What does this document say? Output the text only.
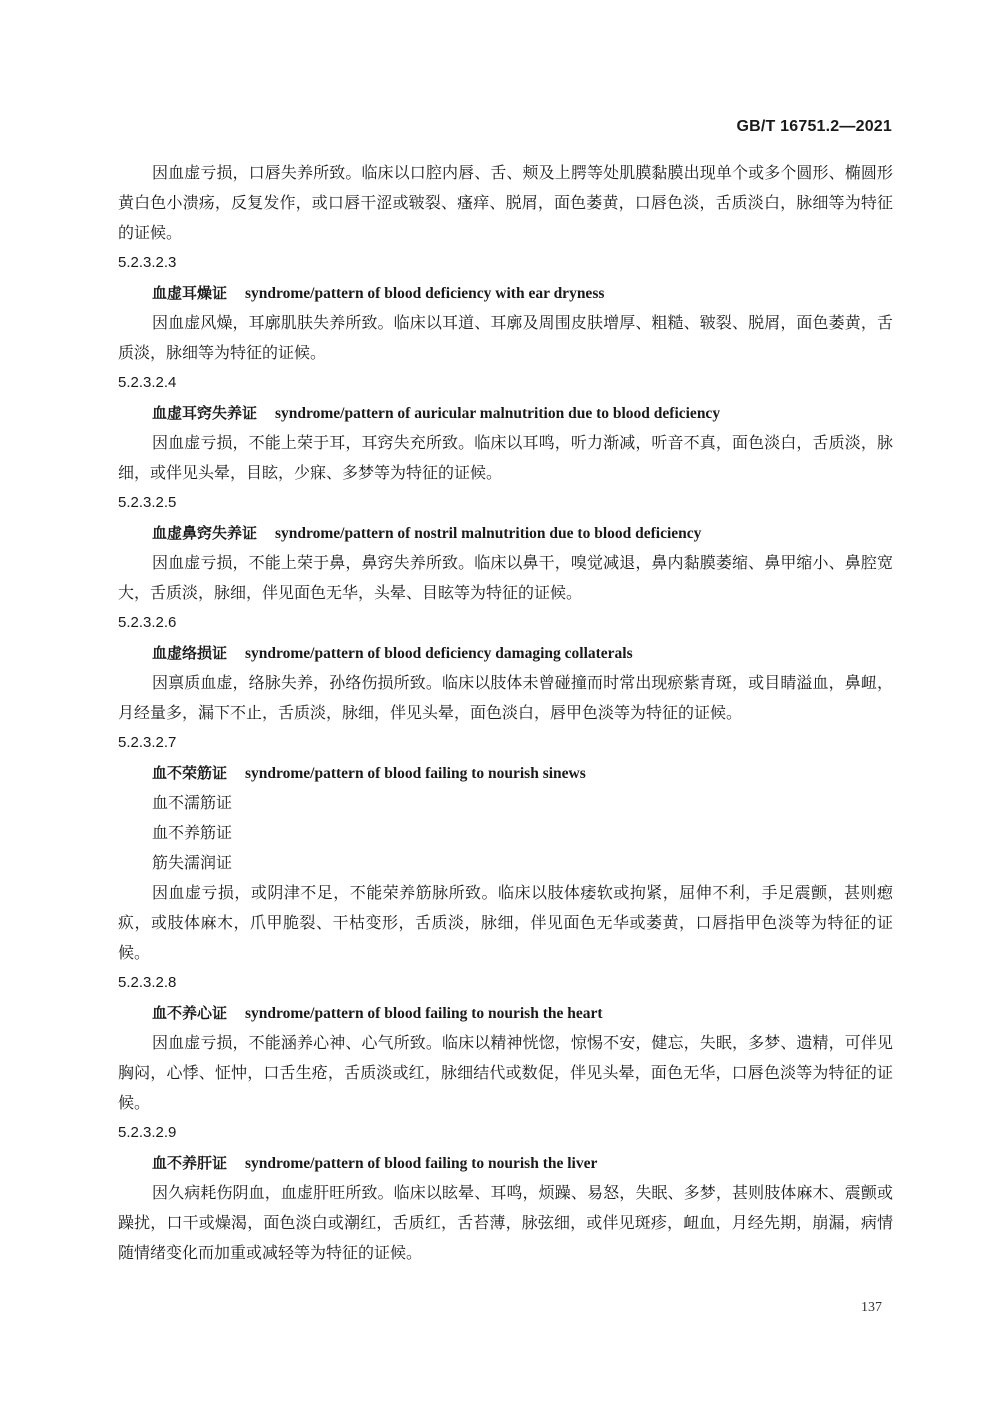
GB/T 16751.2—2021

因血虚亏损，口唇失养所致。临床以口腔内唇、舌、颊及上腭等处肌膜黏膜出现单个或多个圆形、椭圆形黄白色小溃疡，反复发作，或口唇干涩或皲裂、瘙痒、脱屑，面色萎黄，口唇色淡，舌质淡白，脉细等为特征的证候。

5.2.3.2.3

血虚耳燥证 syndrome/pattern of blood deficiency with ear dryness

因血虚风燥，耳廓肌肤失养所致。临床以耳道、耳廓及周围皮肤增厚、粗糙、皲裂、脱屑，面色萎黄，舌质淡，脉细等为特征的证候。

5.2.3.2.4

血虚耳窍失养证 syndrome/pattern of auricular malnutrition due to blood deficiency

因血虚亏损，不能上荣于耳，耳窍失充所致。临床以耳鸣，听力渐减，听音不真，面色淡白，舌质淡，脉细，或伴见头晕，目眩，少寐、多梦等为特征的证候。

5.2.3.2.5

血虚鼻窍失养证 syndrome/pattern of nostril malnutrition due to blood deficiency

因血虚亏损，不能上荣于鼻，鼻窍失养所致。临床以鼻干，嗅觉减退，鼻内黏膜萎缩、鼻甲缩小、鼻腔宽大，舌质淡，脉细，伴见面色无华，头晕、目眩等为特征的证候。

5.2.3.2.6

血虚络损证 syndrome/pattern of blood deficiency damaging collaterals

因禀质血虚，络脉失养，孙络伤损所致。临床以肢体未曾碰撞而时常出现瘀紫青斑，或目睛溢血，鼻衄，月经量多，漏下不止，舌质淡，脉细，伴见头晕，面色淡白，唇甲色淡等为特征的证候。

5.2.3.2.7

血不荣筋证 syndrome/pattern of blood failing to nourish sinews

血不濡筋证

血不养筋证

筋失濡润证

因血虚亏损，或阴津不足，不能荣养筋脉所致。临床以肢体痿软或拘紧，屈伸不利，手足震颤，甚则瘛疭，或肢体麻木，爪甲脆裂、干枯变形，舌质淡，脉细，伴见面色无华或萎黄，口唇指甲色淡等为特征的证候。

5.2.3.2.8

血不养心证 syndrome/pattern of blood failing to nourish the heart

因血虚亏损，不能涵养心神、心气所致。临床以精神恍惚，惊惕不安，健忘，失眠，多梦、遗精，可伴见胸闷，心悸、怔忡，口舌生疮，舌质淡或红，脉细结代或数促，伴见头晕，面色无华，口唇色淡等为特征的证候。

5.2.3.2.9

血不养肝证 syndrome/pattern of blood failing to nourish the liver

因久病耗伤阴血，血虚肝旺所致。临床以眩晕、耳鸣，烦躁、易怒，失眠、多梦，甚则肢体麻木、震颤或躁扰，口干或燥渴，面色淡白或潮红，舌质红，舌苔薄，脉弦细，或伴见斑疹，衄血，月经先期，崩漏，病情随情绪变化而加重或减轻等为特征的证候。

137
